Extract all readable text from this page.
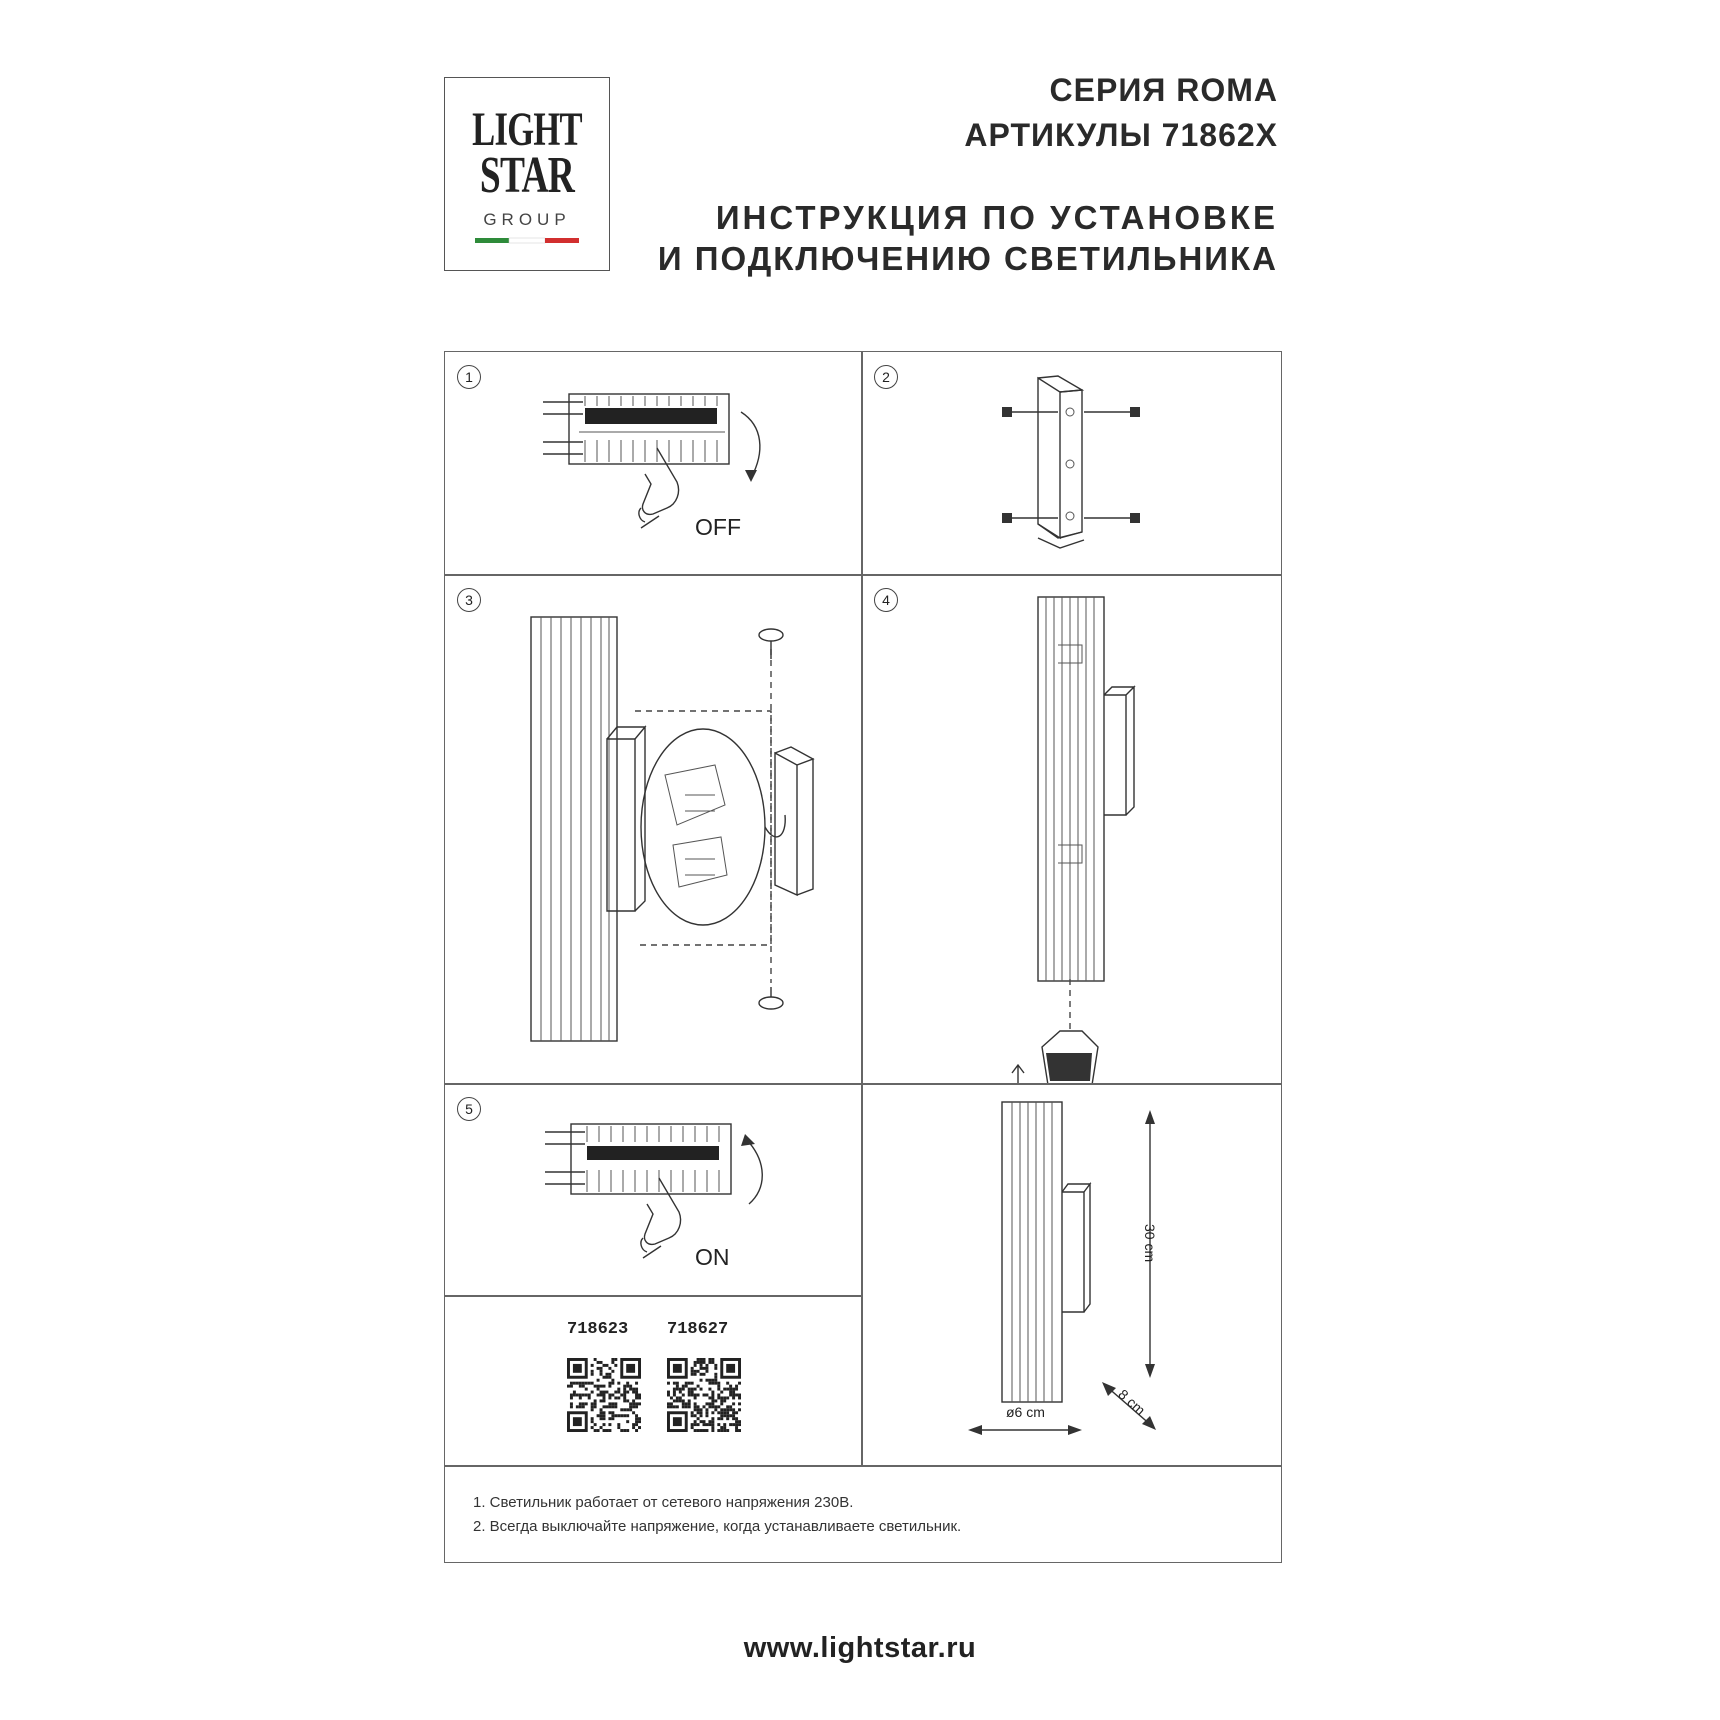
LIGHT
STAR
GROUP
СЕРИЯ ROMA
АРТИКУЛЫ 71862X
ИНСТРУКЦИЯ ПО УСТАНОВКЕ
И ПОДКЛЮЧЕНИЮ СВЕТИЛЬНИКА
1
OFF
2
3	4
5
ON
718623 718627
30 cm
ø6 cm	8 cm
1. Светильник работает от сетевого напряжения 230В.
2. Всегда выключайте напряжение, когда устанавливаете светильник.
www.lightstar.ru
